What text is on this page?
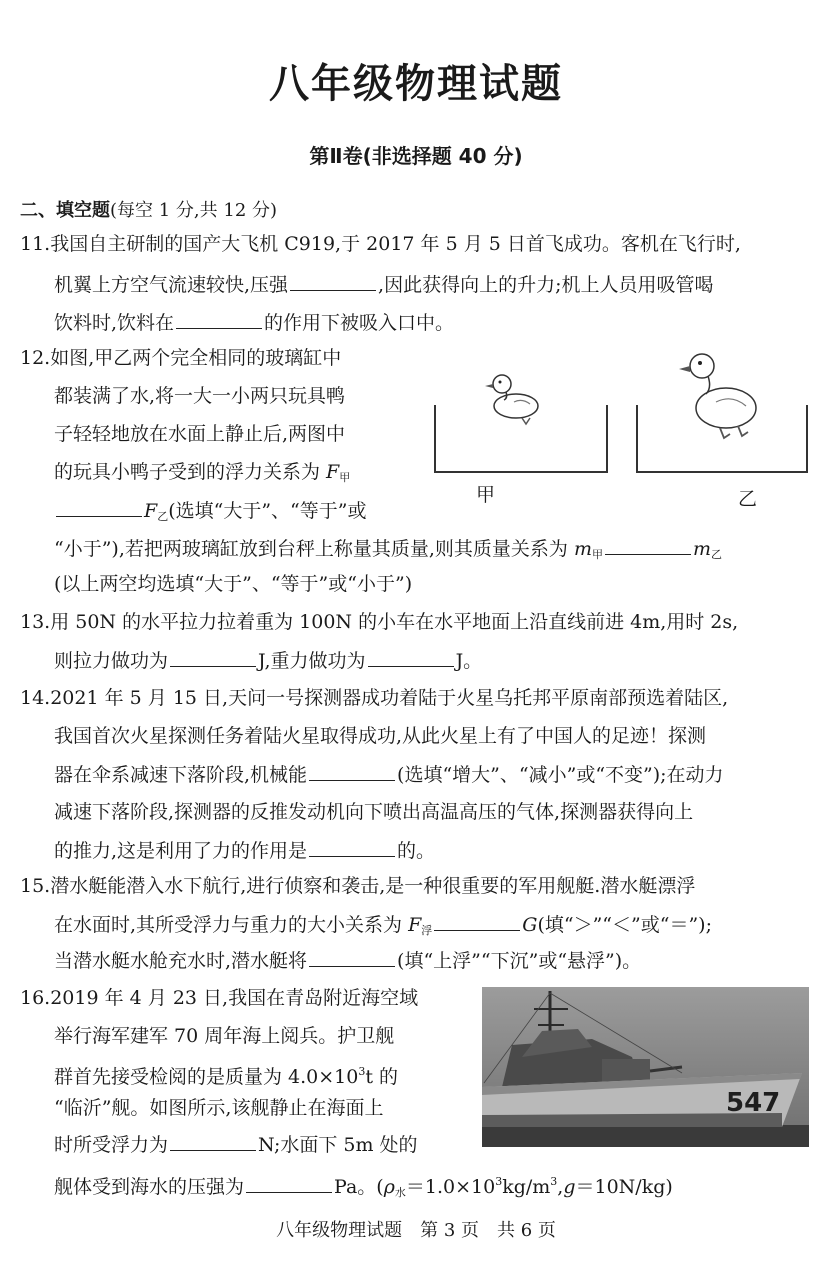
八年级物理试题
第Ⅱ卷(非选择题 40 分)
二、填空题(每空 1 分,共 12 分)
11.我国自主研制的国产大飞机 C919,于 2017 年 5 月 5 日首飞成功。客机在飞行时,
机翼上方空气流速较快,压强	,因此获得向上的升力;机上人员用吸管喝
饮料时,饮料在	的作用下被吸入口中。
12.如图,甲乙两个完全相同的玻璃缸中
都装满了水,将一大一小两只玩具鸭
子轻轻地放在水面上静止后,两图中
的玩具小鸭子受到的浮力关系为 $F_甲$
$F_乙$(选填“大于”、“等于”或
“小于”),若把两玻璃缸放到台秤上称量其质量,则其质量关系为 $m_甲$	$m_乙$
(以上两空均选填“大于”、“等于”或“小于”)
甲	乙
13.用 50N 的水平拉力拉着重为 100N 的小车在水平地面上沿直线前进 4m,用时 2s,
则拉力做功为	J,重力做功为	J。
14.2021 年 5 月 15 日,天问一号探测器成功着陆于火星乌托邦平原南部预选着陆区,
我国首次火星探测任务着陆火星取得成功,从此火星上有了中国人的足迹！探测
器在伞系减速下落阶段,机械能	(选填“增大”、“减小”或“不变”);在动力
减速下落阶段,探测器的反推发动机向下喷出高温高压的气体,探测器获得向上
的推力,这是利用了力的作用是	的。
15.潜水艇能潜入水下航行,进行侦察和袭击,是一种很重要的军用舰艇.潜水艇漂浮
在水面时,其所受浮力与重力的大小关系为 $F_浮$	G(填“＞”“＜”或“＝”);
当潜水艇水舱充水时,潜水艇将	(填“上浮”“下沉”或“悬浮”)。
16.2019 年 4 月 23 日,我国在青岛附近海空域
举行海军建军 70 周年海上阅兵。护卫舰
群首先接受检阅的是质量为 $4.0\times 10^3t$ 的
“临沂”舰。如图所示,该舰静止在海面上
时所受浮力为	N;水面下 5m 处的
舰体受到海水的压强为	Pa。$(\rho_水=1.0\times 10^3kg/m^3,g=10N/kg)$
547
八年级物理试题　第 3 页　共 6 页
